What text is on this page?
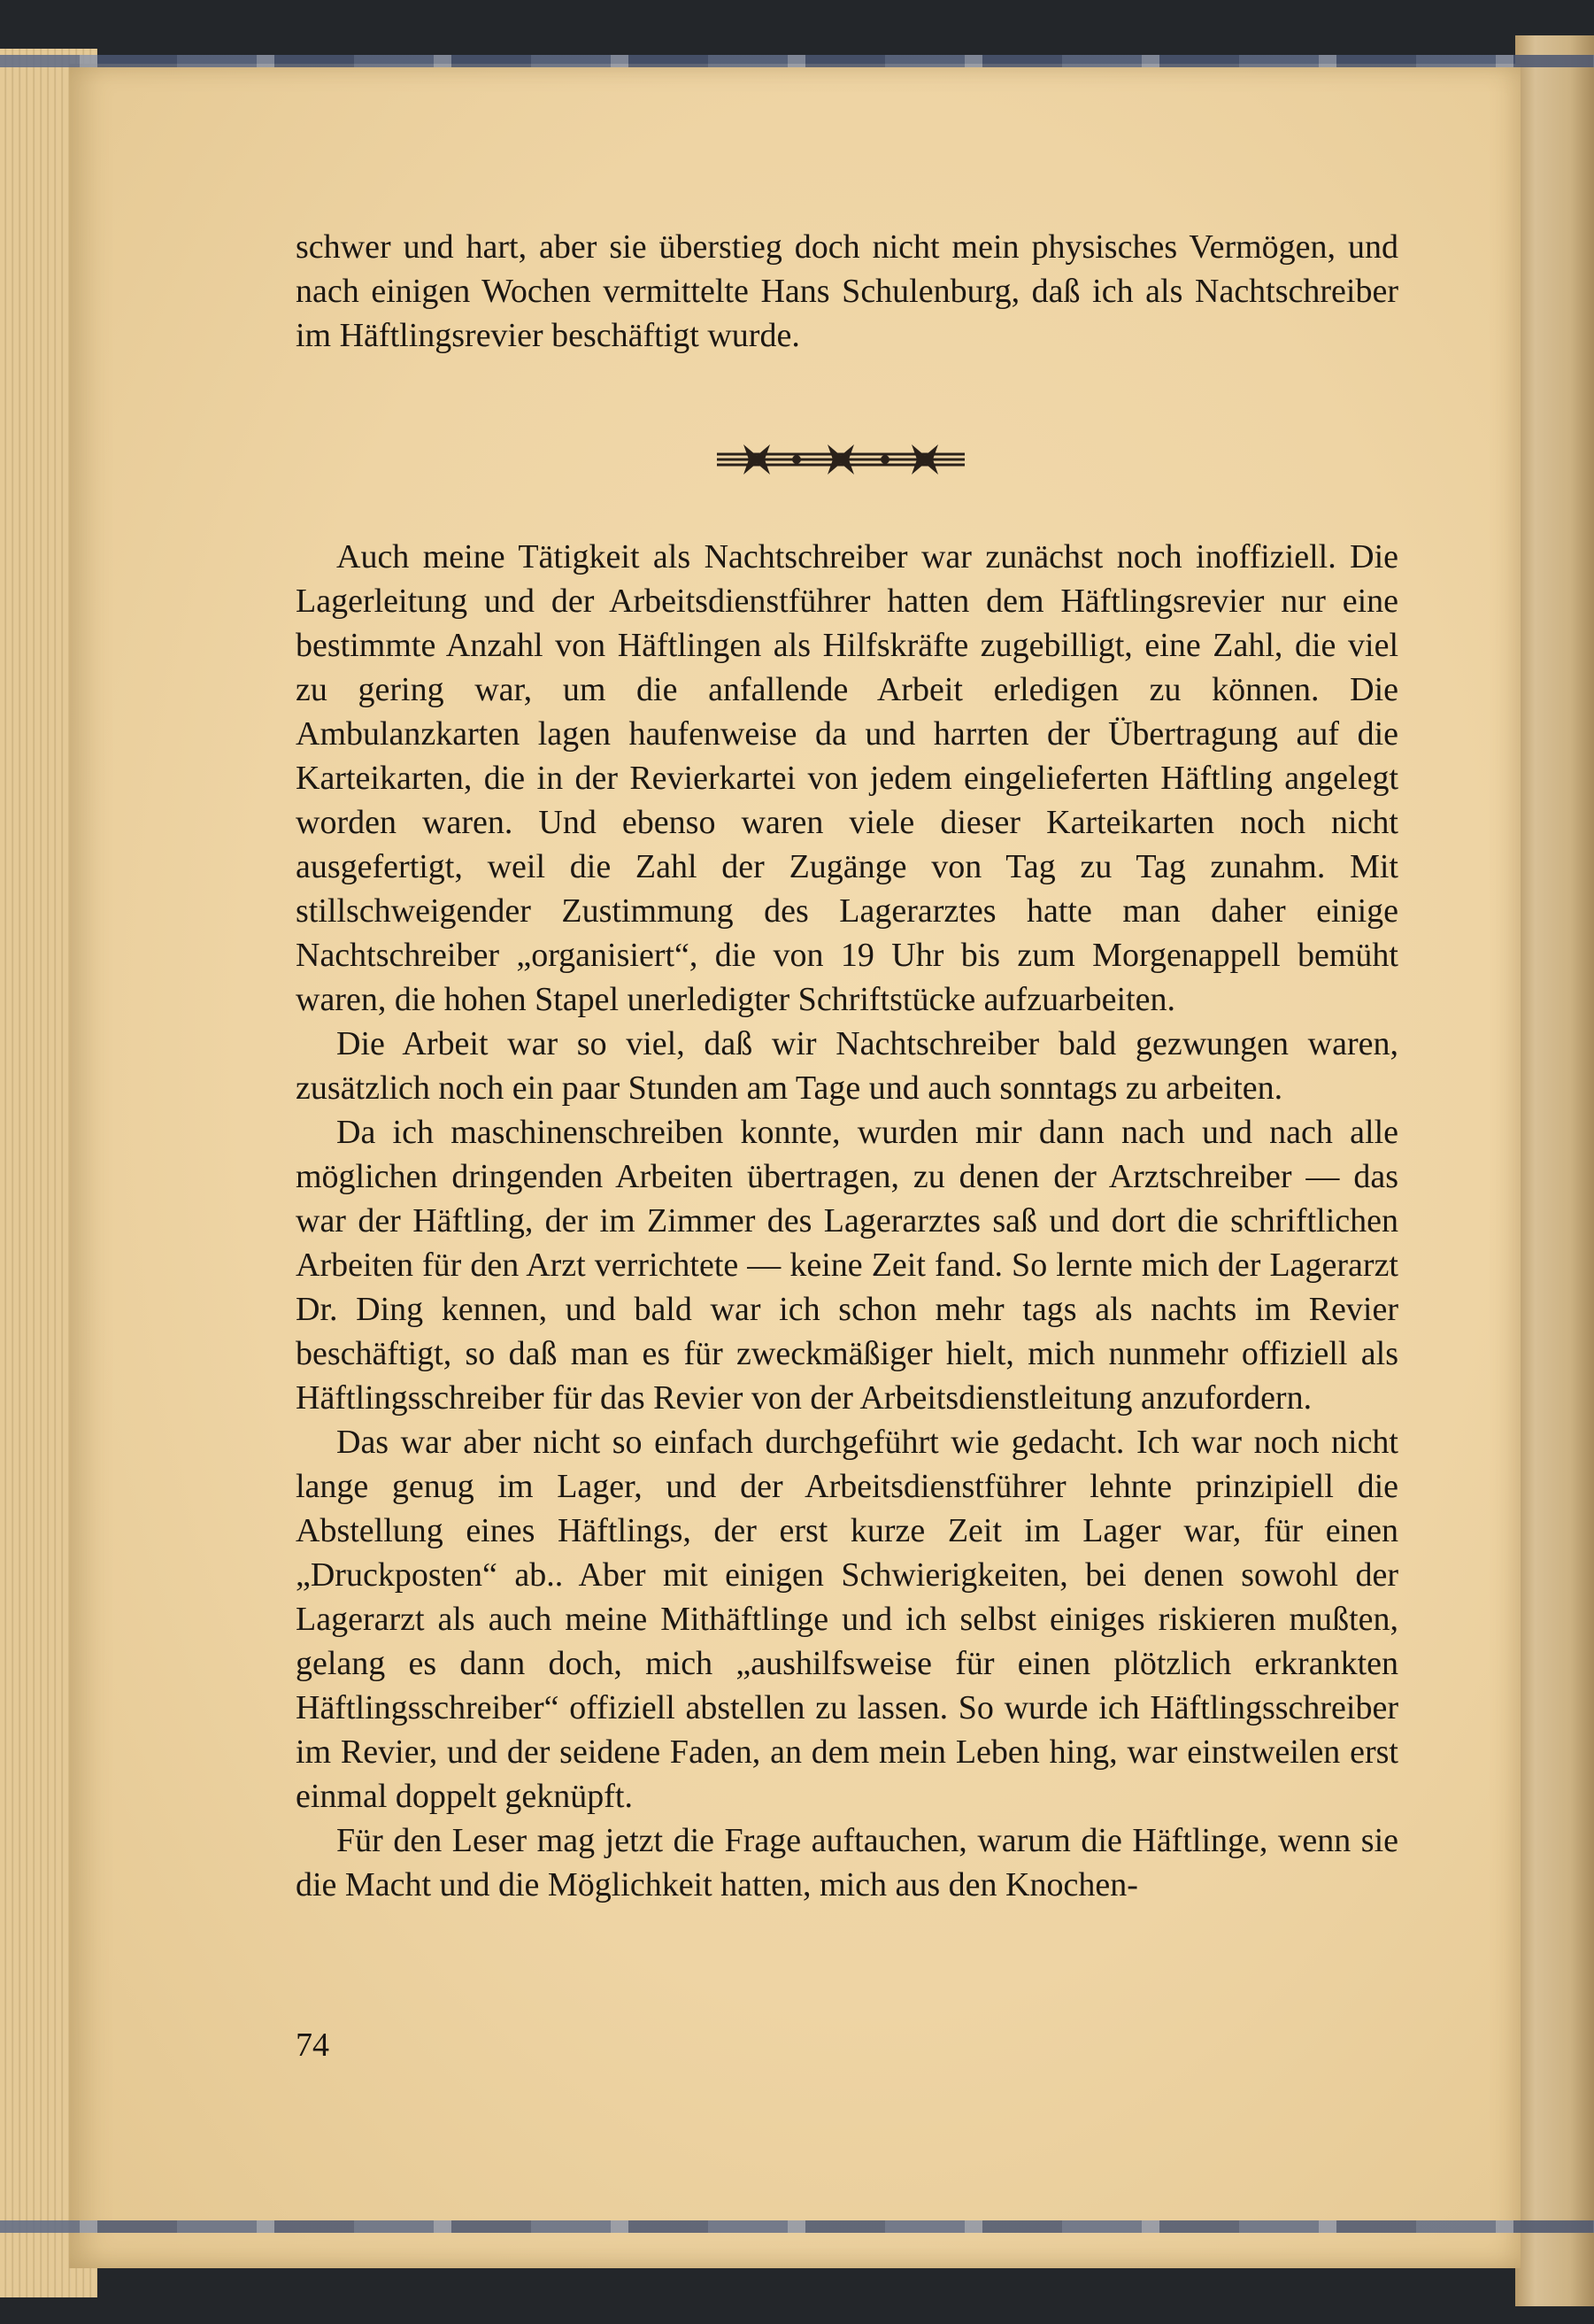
schwer und hart, aber sie überstieg doch nicht mein physisches Vermögen, und nach einigen Wochen vermittelte Hans Schulenburg, daß ich als Nachtschreiber im Häftlingsrevier beschäftigt wurde.

Auch meine Tätigkeit als Nachtschreiber war zunächst noch inoffiziell. Die Lagerleitung und der Arbeitsdienstführer hatten dem Häftlingsrevier nur eine bestimmte Anzahl von Häftlingen als Hilfskräfte zugebilligt, eine Zahl, die viel zu gering war, um die anfallende Arbeit erledigen zu können. Die Ambulanzkarten lagen haufenweise da und harrten der Übertragung auf die Karteikarten, die in der Revierkartei von jedem eingelieferten Häftling angelegt worden waren. Und ebenso waren viele dieser Karteikarten noch nicht ausgefertigt, weil die Zahl der Zugänge von Tag zu Tag zunahm. Mit stillschweigender Zustimmung des Lagerarztes hatte man daher einige Nachtschreiber „organisiert“, die von 19 Uhr bis zum Morgenappell bemüht waren, die hohen Stapel unerledigter Schriftstücke aufzuarbeiten.

Die Arbeit war so viel, daß wir Nachtschreiber bald gezwungen waren, zusätzlich noch ein paar Stunden am Tage und auch sonntags zu arbeiten.

Da ich maschinenschreiben konnte, wurden mir dann nach und nach alle möglichen dringenden Arbeiten übertragen, zu denen der Arztschreiber — das war der Häftling, der im Zimmer des Lagerarztes saß und dort die schriftlichen Arbeiten für den Arzt verrichtete — keine Zeit fand. So lernte mich der Lagerarzt Dr. Ding kennen, und bald war ich schon mehr tags als nachts im Revier beschäftigt, so daß man es für zweckmäßiger hielt, mich nunmehr offiziell als Häftlingsschreiber für das Revier von der Arbeitsdienstleitung anzufordern.

Das war aber nicht so einfach durchgeführt wie gedacht. Ich war noch nicht lange genug im Lager, und der Arbeitsdienstführer lehnte prinzipiell die Abstellung eines Häftlings, der erst kurze Zeit im Lager war, für einen „Druckposten“ ab.. Aber mit einigen Schwierigkeiten, bei denen sowohl der Lagerarzt als auch meine Mithäftlinge und ich selbst einiges riskieren mußten, gelang es dann doch, mich „aushilfsweise für einen plötzlich erkrankten Häftlingsschreiber“ offiziell abstellen zu lassen. So wurde ich Häftlingsschreiber im Revier, und der seidene Faden, an dem mein Leben hing, war einstweilen erst einmal doppelt geknüpft.

Für den Leser mag jetzt die Frage auftauchen, warum die Häftlinge, wenn sie die Macht und die Möglichkeit hatten, mich aus den Knochen-

74
